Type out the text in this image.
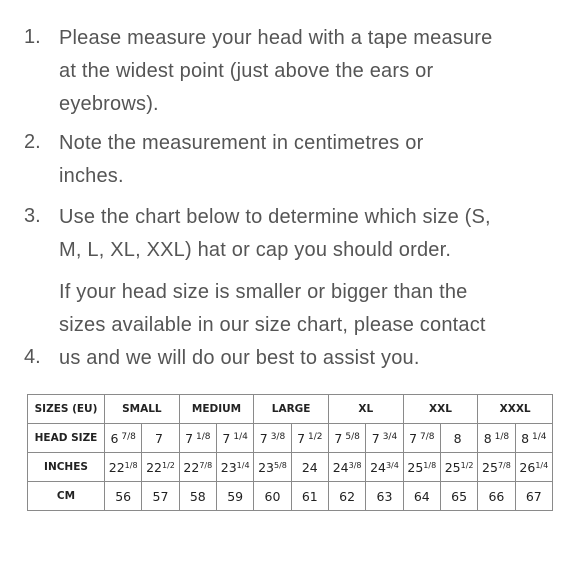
1. Please measure your head with a tape measure
at the widest point (just above the ears or
eyebrows).
2. Note the measurement in centimetres or
inches.
3. Use the chart below to determine which size (S,
M, L, XL, XXL) hat or cap you should order.
4.
If your head size is smaller or bigger than the
sizes available in our size chart, please contact
us and we will do our best to assist you.
SIZES (EU)	SMALL		MEDIUM		LARGE		XL		XXL		XXXL	
HEAD SIZE	6 $^{7/8}$	7	7 $^{1/8}$	7 $^{1/4}$	7 $^{3/8}$	7 $^{1/2}$	7 $^{5/8}$	7 $^{3/4}$	7 $^{7/8}$	8	8 $^{1/8}$	8 $^{1/4}$
INCHES	$22^{1/8}$	$22^{1/2}$	$22^{7/8}$	$23^{1/4}$	$23^{5/8}$	24	$24^{3/8}$	$24^{3/4}$	$25^{1/8}$	$25^{1/2}$	$25^{7/8}$	$26^{1/4}$
CM	56	57	58	59	60	61	62	63	64	65	66	67
